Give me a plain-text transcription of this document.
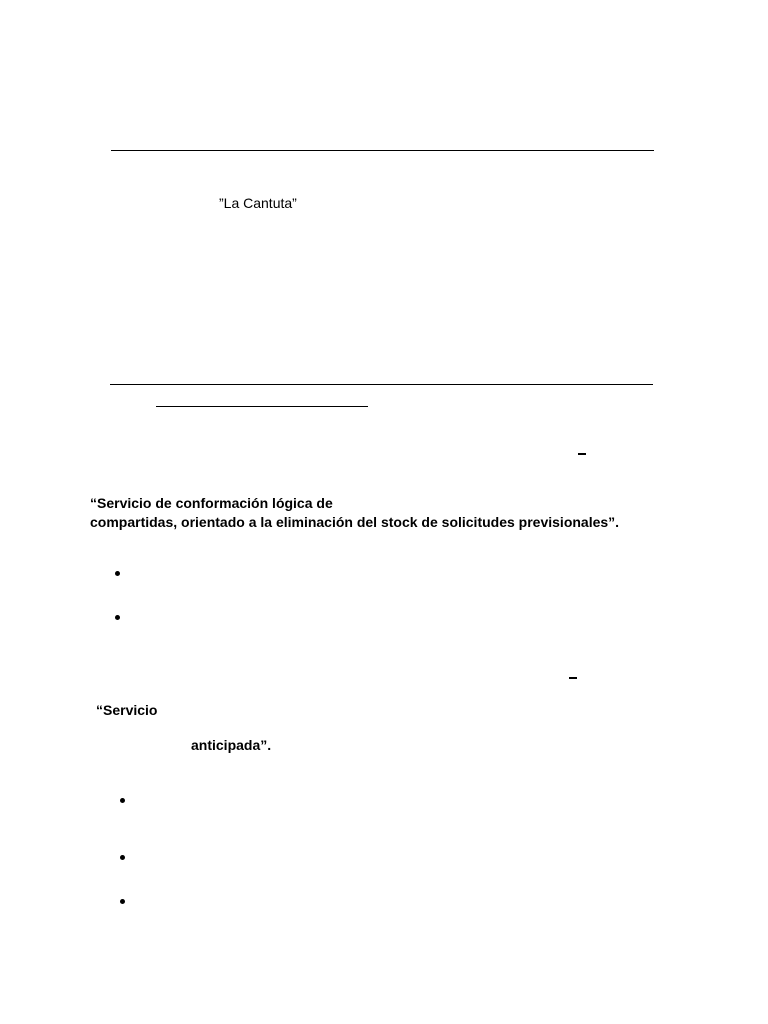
”La Cantuta”
“Servicio de conformación lógica de
compartidas, orientado a la eliminación del stock de solicitudes previsionales”.
“Servicio
anticipada”.
